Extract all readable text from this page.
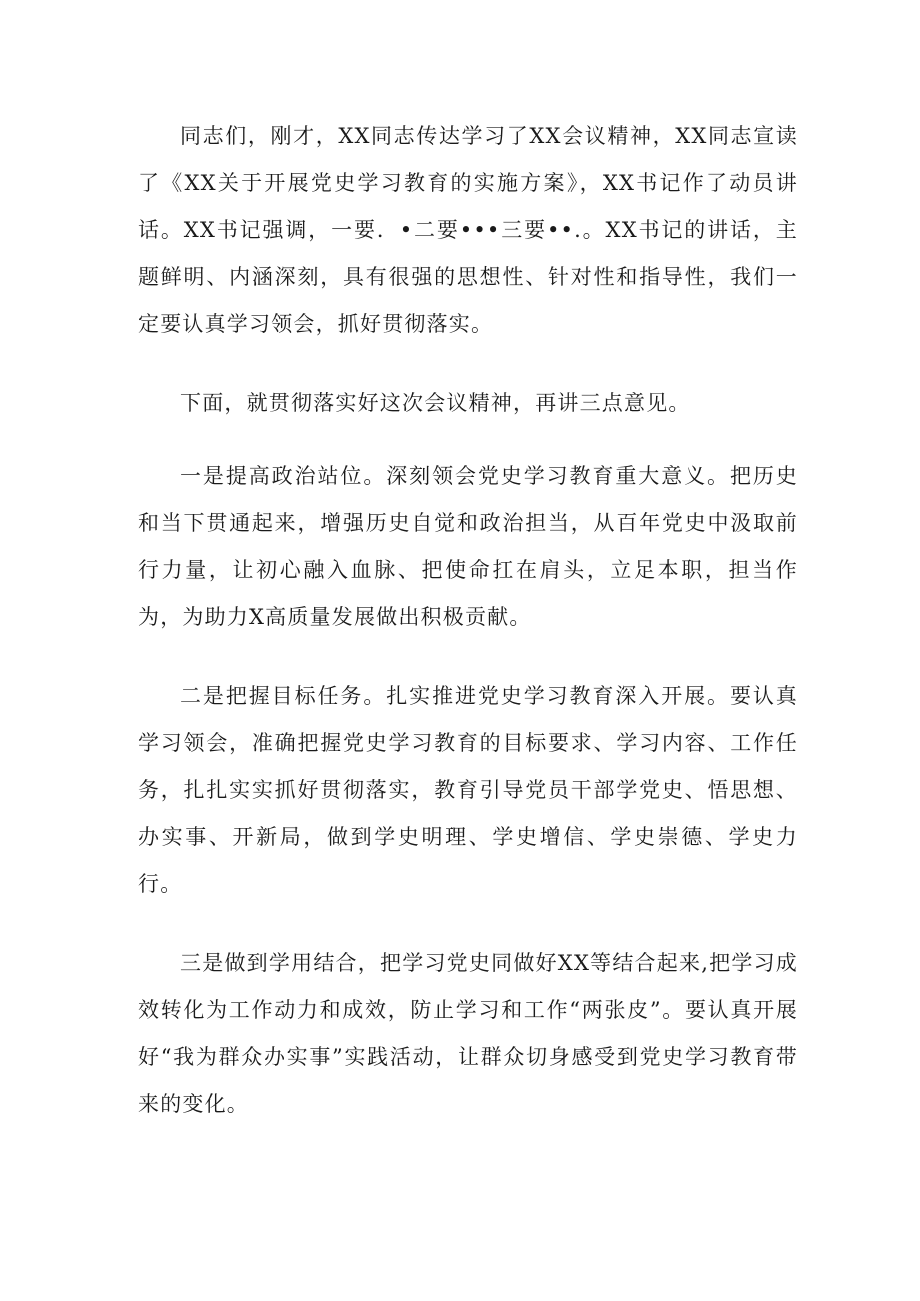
同志们，刚才，XX同志传达学习了XX会议精神，XX同志宣读了《XX关于开展党史学习教育的实施方案》，XX书记作了动员讲话。XX书记强调，一要．•二要•••三要••.。XX书记的讲话，主题鲜明、内涵深刻，具有很强的思想性、针对性和指导性，我们一定要认真学习领会，抓好贯彻落实。

下面，就贯彻落实好这次会议精神，再讲三点意见。

一是提高政治站位。深刻领会党史学习教育重大意义。把历史和当下贯通起来，增强历史自觉和政治担当，从百年党史中汲取前行力量，让初心融入血脉、把使命扛在肩头，立足本职，担当作为，为助力X高质量发展做出积极贡献。

二是把握目标任务。扎实推进党史学习教育深入开展。要认真学习领会，准确把握党史学习教育的目标要求、学习内容、工作任务，扎扎实实抓好贯彻落实，教育引导党员干部学党史、悟思想、办实事、开新局，做到学史明理、学史增信、学史崇德、学史力行。

三是做到学用结合，把学习党史同做好XX等结合起来,把学习成效转化为工作动力和成效，防止学习和工作“两张皮”。要认真开展好“我为群众办实事”实践活动，让群众切身感受到党史学习教育带来的变化。
